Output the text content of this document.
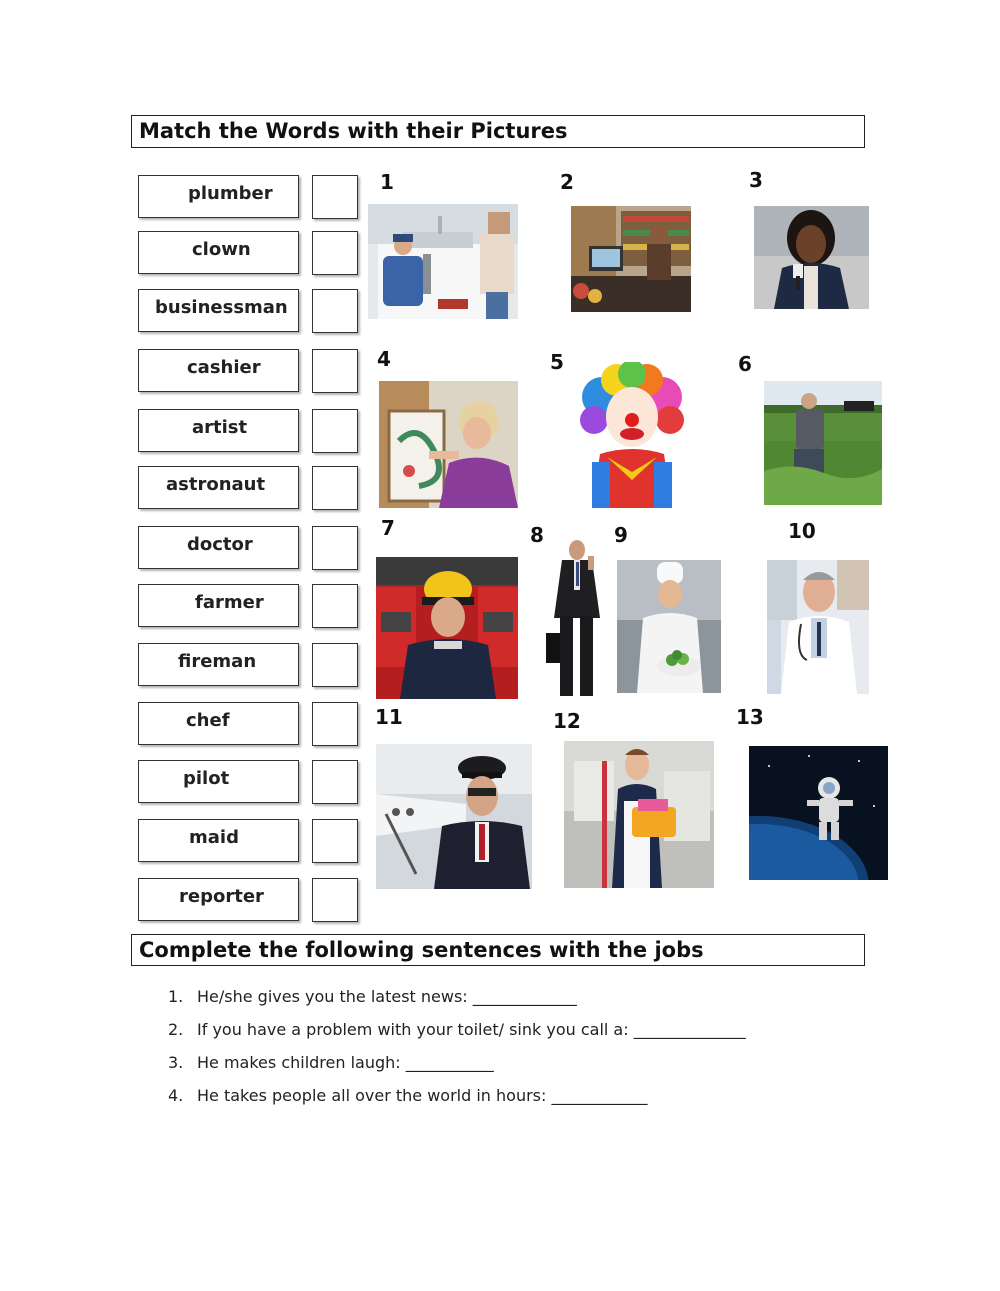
Match the Words with their Pictures
plumber
clown
businessman
cashier
artist
astronaut
doctor
farmer
fireman
chef
pilot
maid
reporter
1	2	3
4	5	6
7	8	9	10
11	12	13
Complete the following sentences with the jobs
1. He/she gives you the latest news: _____________
2. If you have a problem with your toilet/ sink you call a: ______________
3. He makes children laugh: ___________
4. He takes people all over the world in hours: ____________
